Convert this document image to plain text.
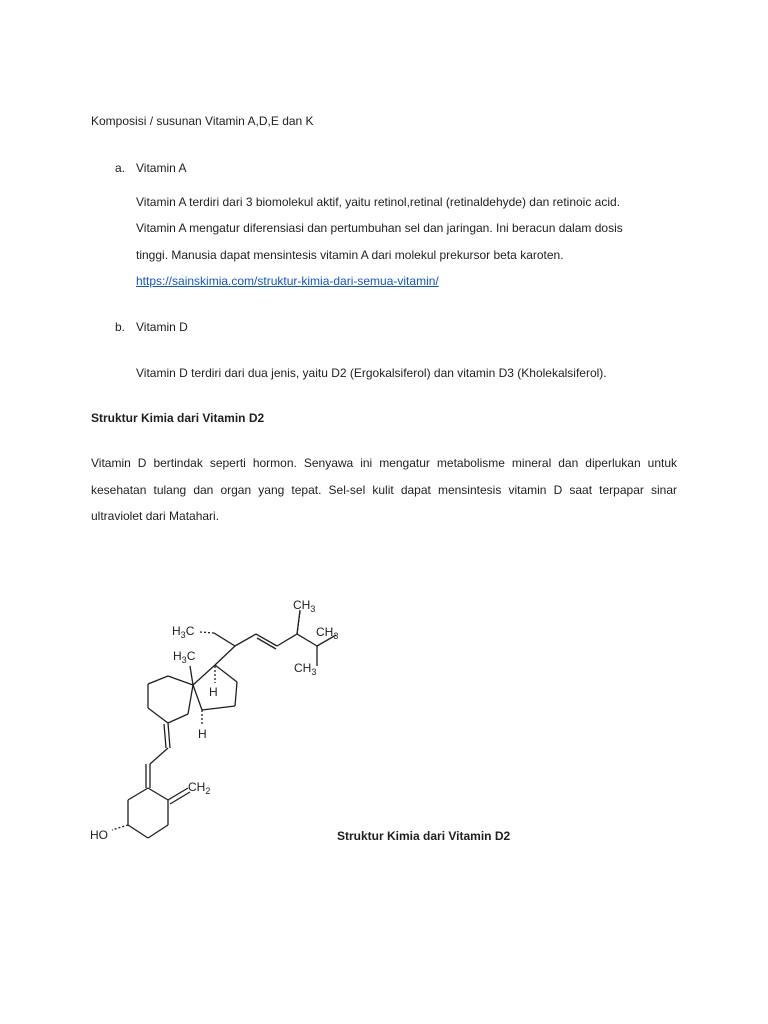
Komposisi / susunan Vitamin A,D,E dan K
a. Vitamin A
Vitamin A terdiri dari 3 biomolekul aktif, yaitu retinol,retinal (retinaldehyde) dan retinoic acid.
Vitamin A mengatur diferensiasi dan pertumbuhan sel dan jaringan. Ini beracun dalam dosis
tinggi. Manusia dapat mensintesis vitamin A dari molekul prekursor beta karoten.
https://sainskimia.com/struktur-kimia-dari-semua-vitamin/
b. Vitamin D
Vitamin D terdiri dari dua jenis, yaitu D2 (Ergokalsiferol) dan vitamin D3 (Kholekalsiferol).
Struktur Kimia dari Vitamin D2
Vitamin D bertindak seperti hormon. Senyawa ini mengatur metabolisme mineral dan diperlukan untuk kesehatan tulang dan organ yang tepat. Sel-sel kulit dapat mensintesis vitamin D saat terpapar sinar ultraviolet dari Matahari.
$CH_3$
$H_3C$	$CH_3$
$CH_3$
$H_3C$
H
H
$CH_2$
HO	Struktur Kimia dari Vitamin D2
